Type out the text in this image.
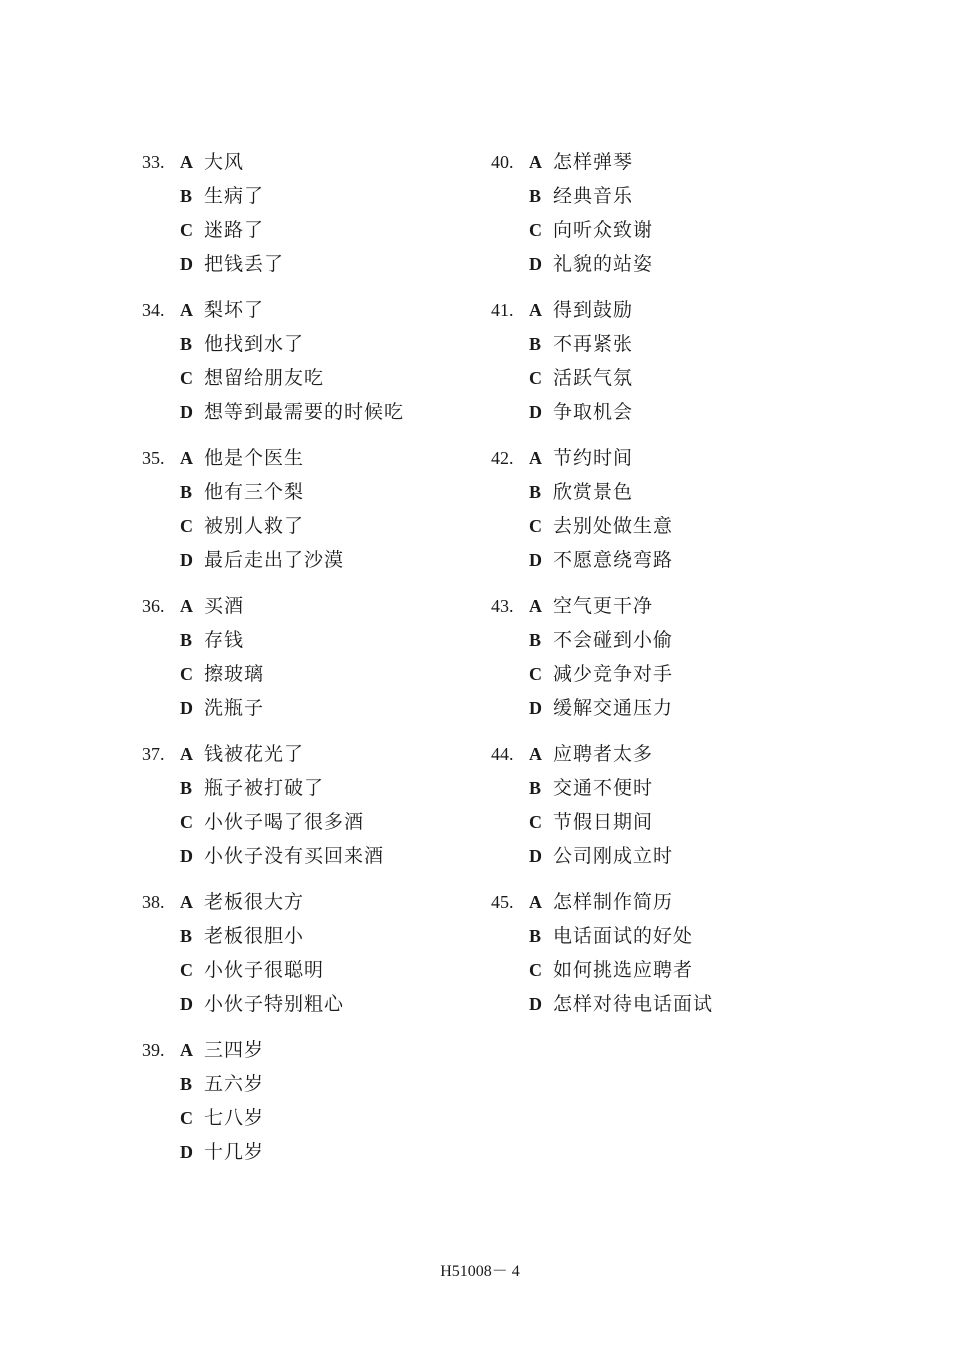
33. A 大风
B 生病了
C 迷路了
D 把钱丢了
34. A 梨坏了
B 他找到水了
C 想留给朋友吃
D 想等到最需要的时候吃
35. A 他是个医生
B 他有三个梨
C 被别人救了
D 最后走出了沙漠
36. A 买酒
B 存钱
C 擦玻璃
D 洗瓶子
37. A 钱被花光了
B 瓶子被打破了
C 小伙子喝了很多酒
D 小伙子没有买回来酒
38. A 老板很大方
B 老板很胆小
C 小伙子很聪明
D 小伙子特别粗心
39. A 三四岁
B 五六岁
C 七八岁
D 十几岁
40. A 怎样弹琴
B 经典音乐
C 向听众致谢
D 礼貌的站姿
41. A 得到鼓励
B 不再紧张
C 活跃气氛
D 争取机会
42. A 节约时间
B 欣赏景色
C 去别处做生意
D 不愿意绕弯路
43. A 空气更干净
B 不会碰到小偷
C 减少竞争对手
D 缓解交通压力
44. A 应聘者太多
B 交通不便时
C 节假日期间
D 公司刚成立时
45. A 怎样制作简历
B 电话面试的好处
C 如何挑选应聘者
D 怎样对待电话面试
H51008－ 4
